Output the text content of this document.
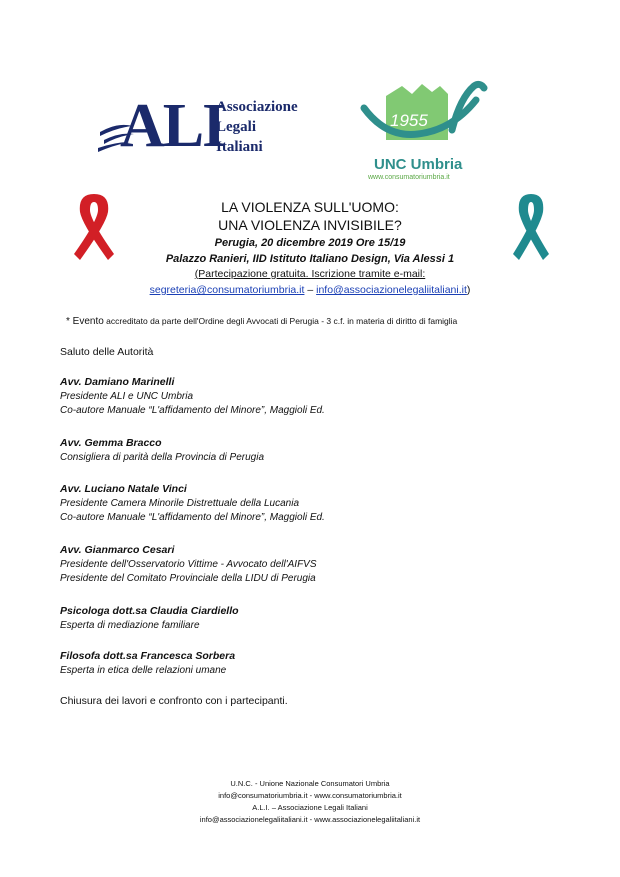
ALI
Associazione
Legali
Italiani
1955
UNC Umbria
www.consumatoriumbria.it
LA VIOLENZA SULL'UOMO:
UNA VIOLENZA INVISIBILE?
Perugia, 20 dicembre 2019 Ore 15/19
Palazzo Ranieri, IID Istituto Italiano Design, Via Alessi 1
(Partecipazione gratuita. Iscrizione tramite e-mail:
segreteria@consumatoriumbria.it – info@associazionelegaliitaliani.it)
* Evento accreditato da parte dell'Ordine degli Avvocati di Perugia - 3 c.f. in materia di diritto di famiglia
Saluto delle Autorità
Avv. Damiano Marinelli
Presidente ALI e UNC Umbria
Co-autore Manuale “L'affidamento del Minore”, Maggioli Ed.
Avv. Gemma Bracco
Consigliera di parità della Provincia di Perugia
Avv. Luciano Natale Vinci
Presidente Camera Minorile Distrettuale della Lucania
Co-autore Manuale “L'affidamento del Minore”, Maggioli Ed.
Avv. Gianmarco Cesari
Presidente dell'Osservatorio Vittime - Avvocato dell'AIFVS
Presidente del Comitato Provinciale della LIDU di Perugia
Psicologa dott.sa Claudia Ciardiello
Esperta di mediazione familiare
Filosofa dott.sa Francesca Sorbera
Esperta in etica delle relazioni umane
Chiusura dei lavori e confronto con i partecipanti.
U.N.C. - Unione Nazionale Consumatori Umbria
info@consumatoriumbria.it - www.consumatoriumbria.it
A.L.I. – Associazione Legali Italiani
info@associazionelegaliitaliani.it - www.associazionelegaliitaliani.it
